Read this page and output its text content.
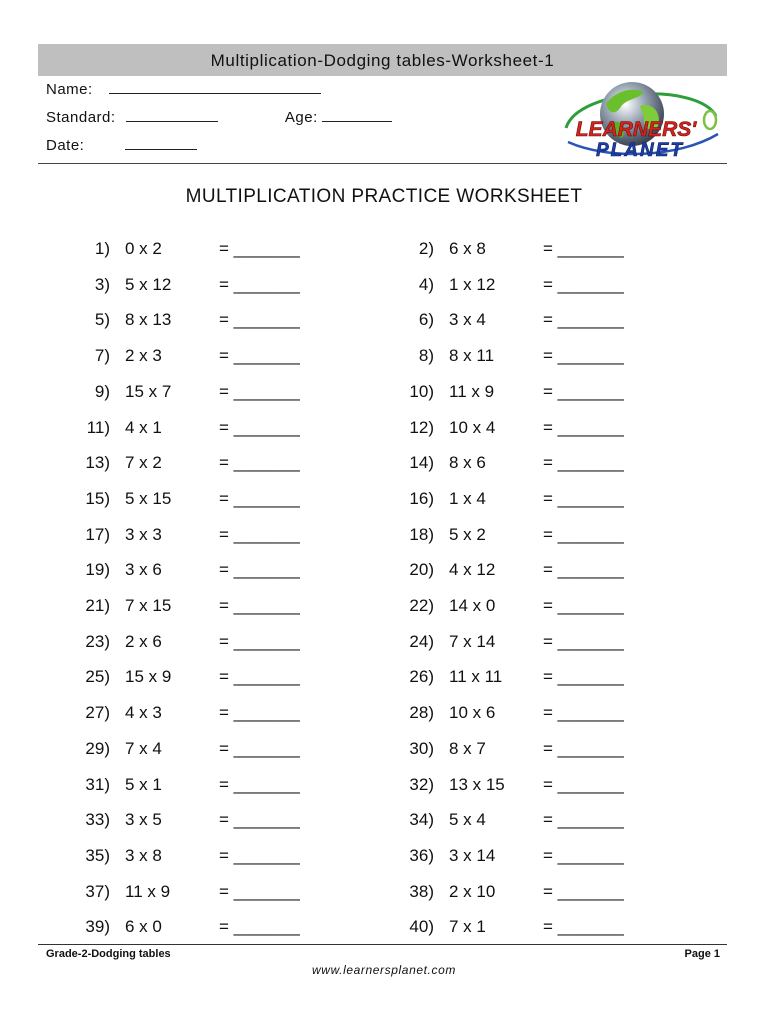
Multiplication-Dodging tables-Worksheet-1
Name:
Standard:	Age:
Date:
LEARNERS'
PLANET
MULTIPLICATION PRACTICE WORKSHEET
1) 0 x 2	= _______	2) 6 x 8	= _______
3) 5 x 12	= _______	4) 1 x 12	= _______
5) 8 x 13	= _______	6) 3 x 4	= _______
7) 2 x 3	= _______	8) 8 x 11	= _______
9) 15 x 7	= _______	10) 11 x 9	= _______
11) 4 x 1	= _______	12) 10 x 4	= _______
13) 7 x 2	= _______	14) 8 x 6	= _______
15) 5 x 15	= _______	16) 1 x 4	= _______
17) 3 x 3	= _______	18) 5 x 2	= _______
19) 3 x 6	= _______	20) 4 x 12	= _______
21) 7 x 15	= _______	22) 14 x 0	= _______
23) 2 x 6	= _______	24) 7 x 14	= _______
25) 15 x 9	= _______	26) 11 x 11 = _______
27) 4 x 3	= _______	28) 10 x 6	= _______
29) 7 x 4	= _______	30) 8 x 7	= _______
31) 5 x 1	= _______	32) 13 x 15 = _______
33) 3 x 5	= _______	34) 5 x 4	= _______
35) 3 x 8	= _______	36) 3 x 14	= _______
37) 11 x 9	= _______	38) 2 x 10	= _______
39) 6 x 0	= _______	40) 7 x 1	= _______
Grade-2-Dodging tables	Page 1
www.learnersplanet.com
